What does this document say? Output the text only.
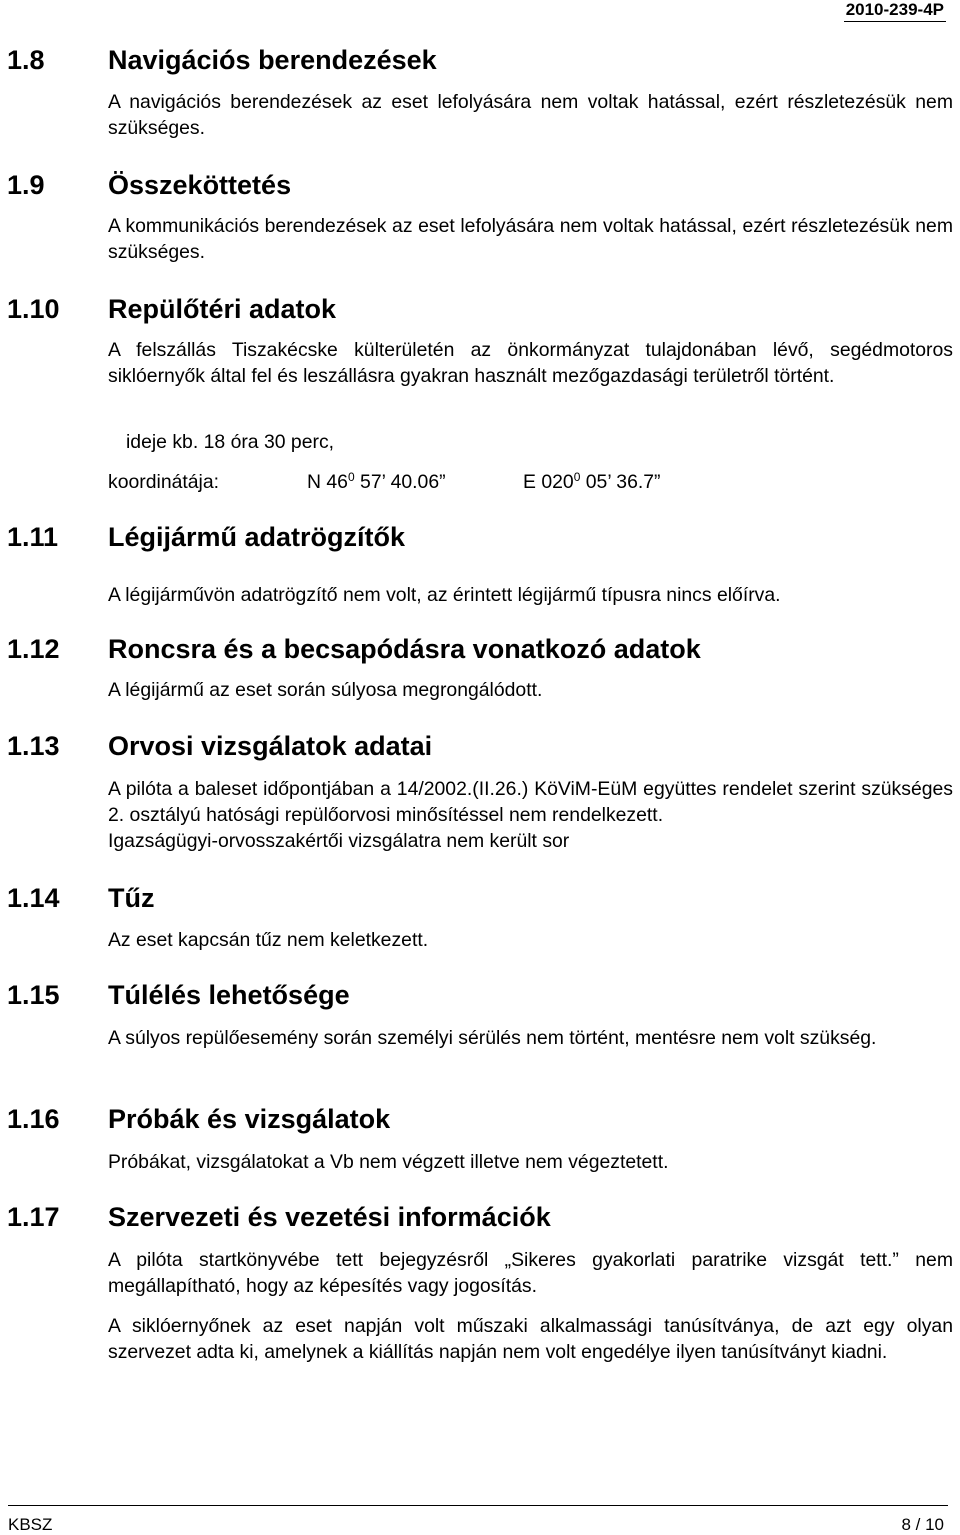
2010-239-4P
1.8 Navigációs berendezések
A navigációs berendezések az eset lefolyására nem voltak hatással, ezért részletezésük nem szükséges.
1.9 Összeköttetés
A kommunikációs berendezések az eset lefolyására nem voltak hatással, ezért részletezésük nem szükséges.
1.10 Repülőtéri adatok
A felszállás Tiszakécske külterületén az önkormányzat tulajdonában lévő, segédmotoros siklóernyők által fel és leszállásra gyakran használt mezőgazdasági területről történt.
ideje kb. 18 óra 30 perc,
koordinátája:	N $46^0$ 57’ 40.06”	E $020^0$ 05’ 36.7”
1.11 Légijármű adatrögzítők
A légijárművön adatrögzítő nem volt, az érintett légijármű típusra nincs előírva.
1.12 Roncsra és a becsapódásra vonatkozó adatok
A légijármű az eset során súlyosa megrongálódott.
1.13 Orvosi vizsgálatok adatai
A pilóta a baleset időpontjában a 14/2002.(II.26.) KöViM-EüM együttes rendelet szerint szükséges 2. osztályú hatósági repülőorvosi minősítéssel nem rendelkezett.
Igazságügyi-orvosszakértői vizsgálatra nem került sor
1.14 Tűz
Az eset kapcsán tűz nem keletkezett.
1.15 Túlélés lehetősége
A súlyos repülőesemény során személyi sérülés nem történt, mentésre nem volt szükség.
1.16 Próbák és vizsgálatok
Próbákat, vizsgálatokat a Vb nem végzett illetve nem végeztetett.
1.17 Szervezeti és vezetési információk
A pilóta startkönyvébe tett bejegyzésről „Sikeres gyakorlati paratrike vizsgát tett.” nem megállapítható, hogy az képesítés vagy jogosítás.
A siklóernyőnek az eset napján volt műszaki alkalmassági tanúsítványa, de azt egy olyan szervezet adta ki, amelynek a kiállítás napján nem volt engedélye ilyen tanúsítványt kiadni.
KBSZ	8 / 10
